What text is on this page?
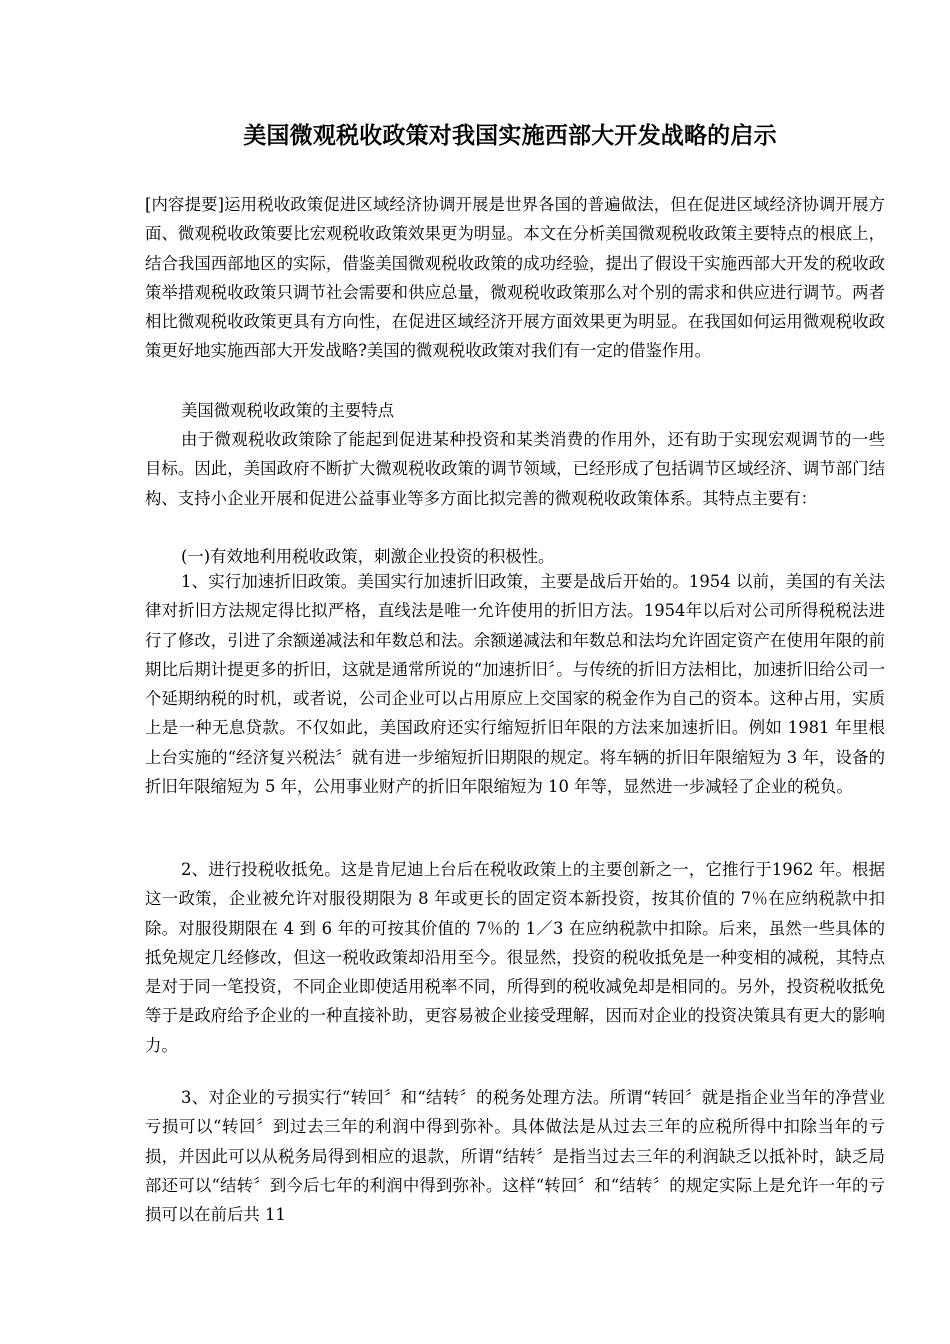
美国微观税收政策对我国实施西部大开发战略的启示

[内容提要]运用税收政策促进区域经济协调开展是世界各国的普遍做法，但在促进区域经济协调开展方面、微观税收政策要比宏观税收政策效果更为明显。本文在分析美国微观税收政策主要特点的根底上，结合我国西部地区的实际，借鉴美国微观税收政策的成功经验，提出了假设干实施西部大开发的税收政策举措观税收政策只调节社会需要和供应总量，微观税收政策那么对个别的需求和供应进行调节。两者相比微观税收政策更具有方向性，在促进区域经济开展方面效果更为明显。在我国如何运用微观税收政策更好地实施西部大开发战略?美国的微观税收政策对我们有一定的借鉴作用。

美国微观税收政策的主要特点

由于微观税收政策除了能起到促进某种投资和某类消费的作用外，还有助于实现宏观调节的一些目标。因此，美国政府不断扩大微观税收政策的调节领域，已经形成了包括调节区域经济、调节部门结构、支持小企业开展和促进公益事业等多方面比拟完善的微观税收政策体系。其特点主要有：

(一)有效地利用税收政策，刺激企业投资的积极性。

1、实行加速折旧政策。美国实行加速折旧政策，主要是战后开始的。1954 以前，美国的有关法律对折旧方法规定得比拟严格，直线法是唯一允许使用的折旧方法。1954年以后对公司所得税税法进行了修改，引进了余额递减法和年数总和法。余额递减法和年数总和法均允许固定资产在使用年限的前期比后期计提更多的折旧，这就是通常所说的“加速折旧〞。与传统的折旧方法相比，加速折旧给公司一个延期纳税的时机，或者说，公司企业可以占用原应上交国家的税金作为自己的资本。这种占用，实质上是一种无息贷款。不仅如此，美国政府还实行缩短折旧年限的方法来加速折旧。例如 1981 年里根上台实施的“经济复兴税法〞就有进一步缩短折旧期限的规定。将车辆的折旧年限缩短为 3 年，设备的折旧年限缩短为 5 年，公用事业财产的折旧年限缩短为 10 年等，显然进一步减轻了企业的税负。

2、进行投税收抵免。这是肯尼迪上台后在税收政策上的主要创新之一，它推行于1962 年。根据这一政策，企业被允许对服役期限为 8 年或更长的固定资本新投资，按其价值的 7％在应纳税款中扣除。对服役期限在 4 到 6 年的可按其价值的 7％的 1／3 在应纳税款中扣除。后来，虽然一些具体的抵免规定几经修改，但这一税收政策却沿用至今。很显然，投资的税收抵免是一种变相的减税，其特点是对于同一笔投资，不同企业即使适用税率不同，所得到的税收减免却是相同的。另外，投资税收抵免等于是政府给予企业的一种直接补助，更容易被企业接受理解，因而对企业的投资决策具有更大的影响力。

3、对企业的亏损实行“转回〞和“结转〞的税务处理方法。所谓“转回〞就是指企业当年的净营业亏损可以“转回〞到过去三年的利润中得到弥补。具体做法是从过去三年的应税所得中扣除当年的亏损，并因此可以从税务局得到相应的退款，所谓“结转〞是指当过去三年的利润缺乏以抵补时，缺乏局部还可以“结转〞到今后七年的利润中得到弥补。这样“转回〞和“结转〞的规定实际上是允许一年的亏损可以在前后共 11
